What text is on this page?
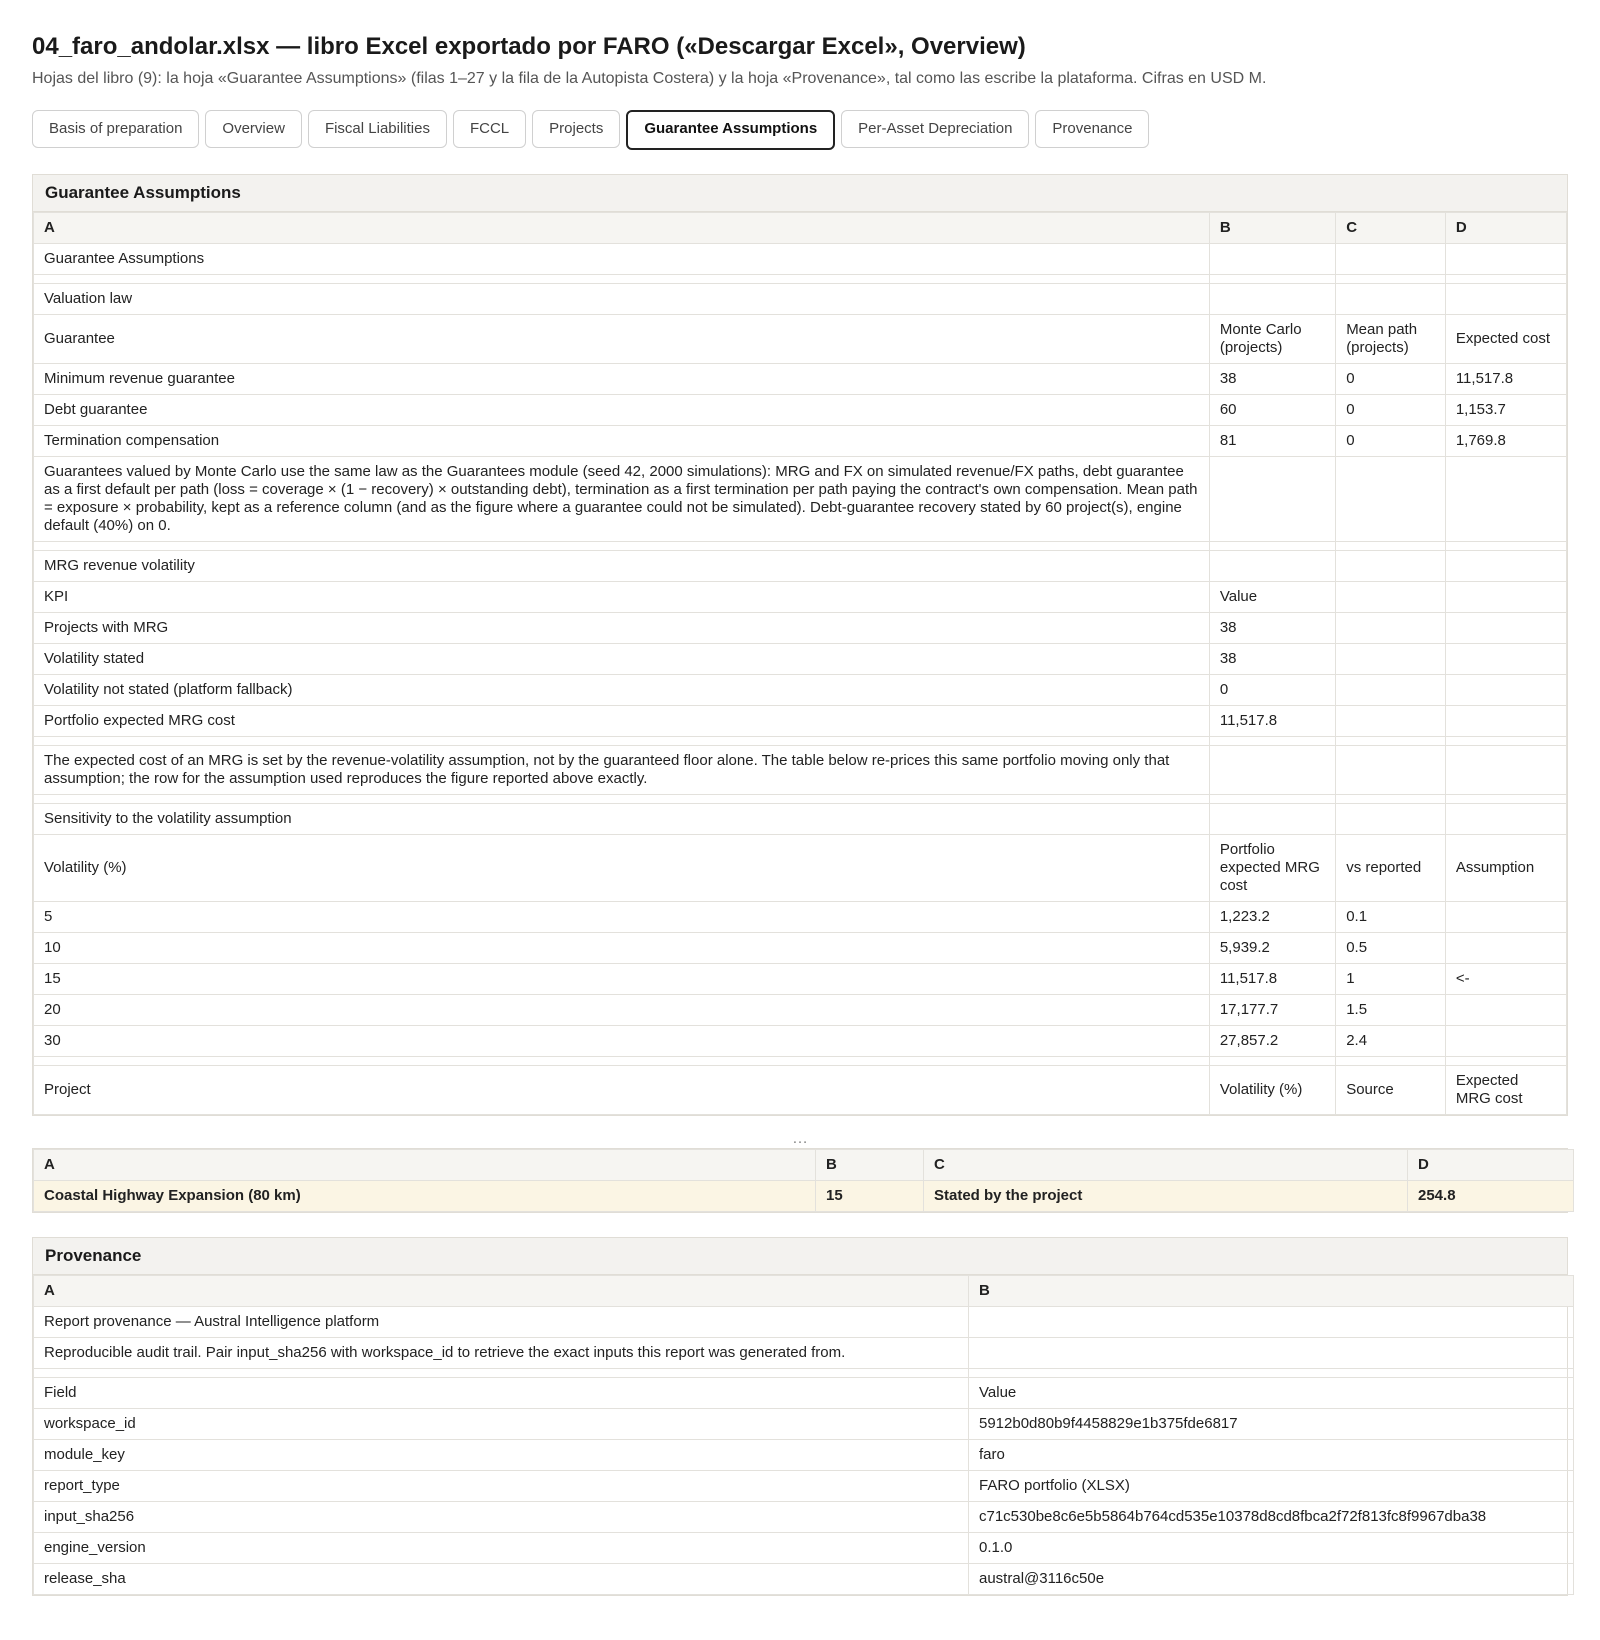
04_faro_andolar.xlsx — libro Excel exportado por FARO («Descargar Excel», Overview)
Hojas del libro (9): la hoja «Guarantee Assumptions» (filas 1–27 y la fila de la Autopista Costera) y la hoja «Provenance», tal como las escribe la plataforma. Cifras en USD M.
Basis of preparation	Overview	Fiscal Liabilities	FCCL	Projects	Guarantee Assumptions	Per-Asset Depreciation	Provenance
Guarantee Assumptions
A	B	C	D
Guarantee Assumptions			

Valuation law			
Guarantee	Monte Carlo (projects)	Mean path (projects)	Expected cost
Minimum revenue guarantee	38	0	11,517.8
Debt guarantee	60	0	1,153.7
Termination compensation	81	0	1,769.8
Guarantees valued by Monte Carlo use the same law as the Guarantees module (seed 42, 2000 simulations): MRG and FX on simulated revenue/FX paths, debt guarantee as a first default per path (loss = coverage × (1 − recovery) × outstanding debt), termination as a first termination per path paying the contract's own compensation. Mean path = exposure × probability, kept as a reference column (and as the figure where a guarantee could not be simulated). Debt-guarantee recovery stated by 60 project(s), engine default (40%) on 0.			

MRG revenue volatility			
KPI	Value		
Projects with MRG	38		
Volatility stated	38		
Volatility not stated (platform fallback)	0		
Portfolio expected MRG cost	11,517.8		

The expected cost of an MRG is set by the revenue-volatility assumption, not by the guaranteed floor alone. The table below re-prices this same portfolio moving only that assumption; the row for the assumption used reproduces the figure reported above exactly.			

Sensitivity to the volatility assumption			
Volatility (%)	Portfolio expected MRG cost	vs reported	Assumption
5	1,223.2	0.1	
10	5,939.2	0.5	
15	11,517.8	1	<-
20	17,177.7	1.5	
30	27,857.2	2.4	

Project	Volatility (%)	Source	Expected MRG cost
…
A	B	C	D
Coastal Highway Expansion (80 km)	15	Stated by the project	254.8
Provenance
A	B
Report provenance — Austral Intelligence platform	
Reproducible audit trail. Pair input_sha256 with workspace_id to retrieve the exact inputs this report was generated from.	

Field	Value
workspace_id	5912b0d80b9f4458829e1b375fde6817
module_key	faro
report_type	FARO portfolio (XLSX)
input_sha256	c71c530be8c6e5b5864b764cd535e10378d8cd8fbca2f72f813fc8f9967dba38
engine_version	0.1.0
release_sha	austral@3116c50e
